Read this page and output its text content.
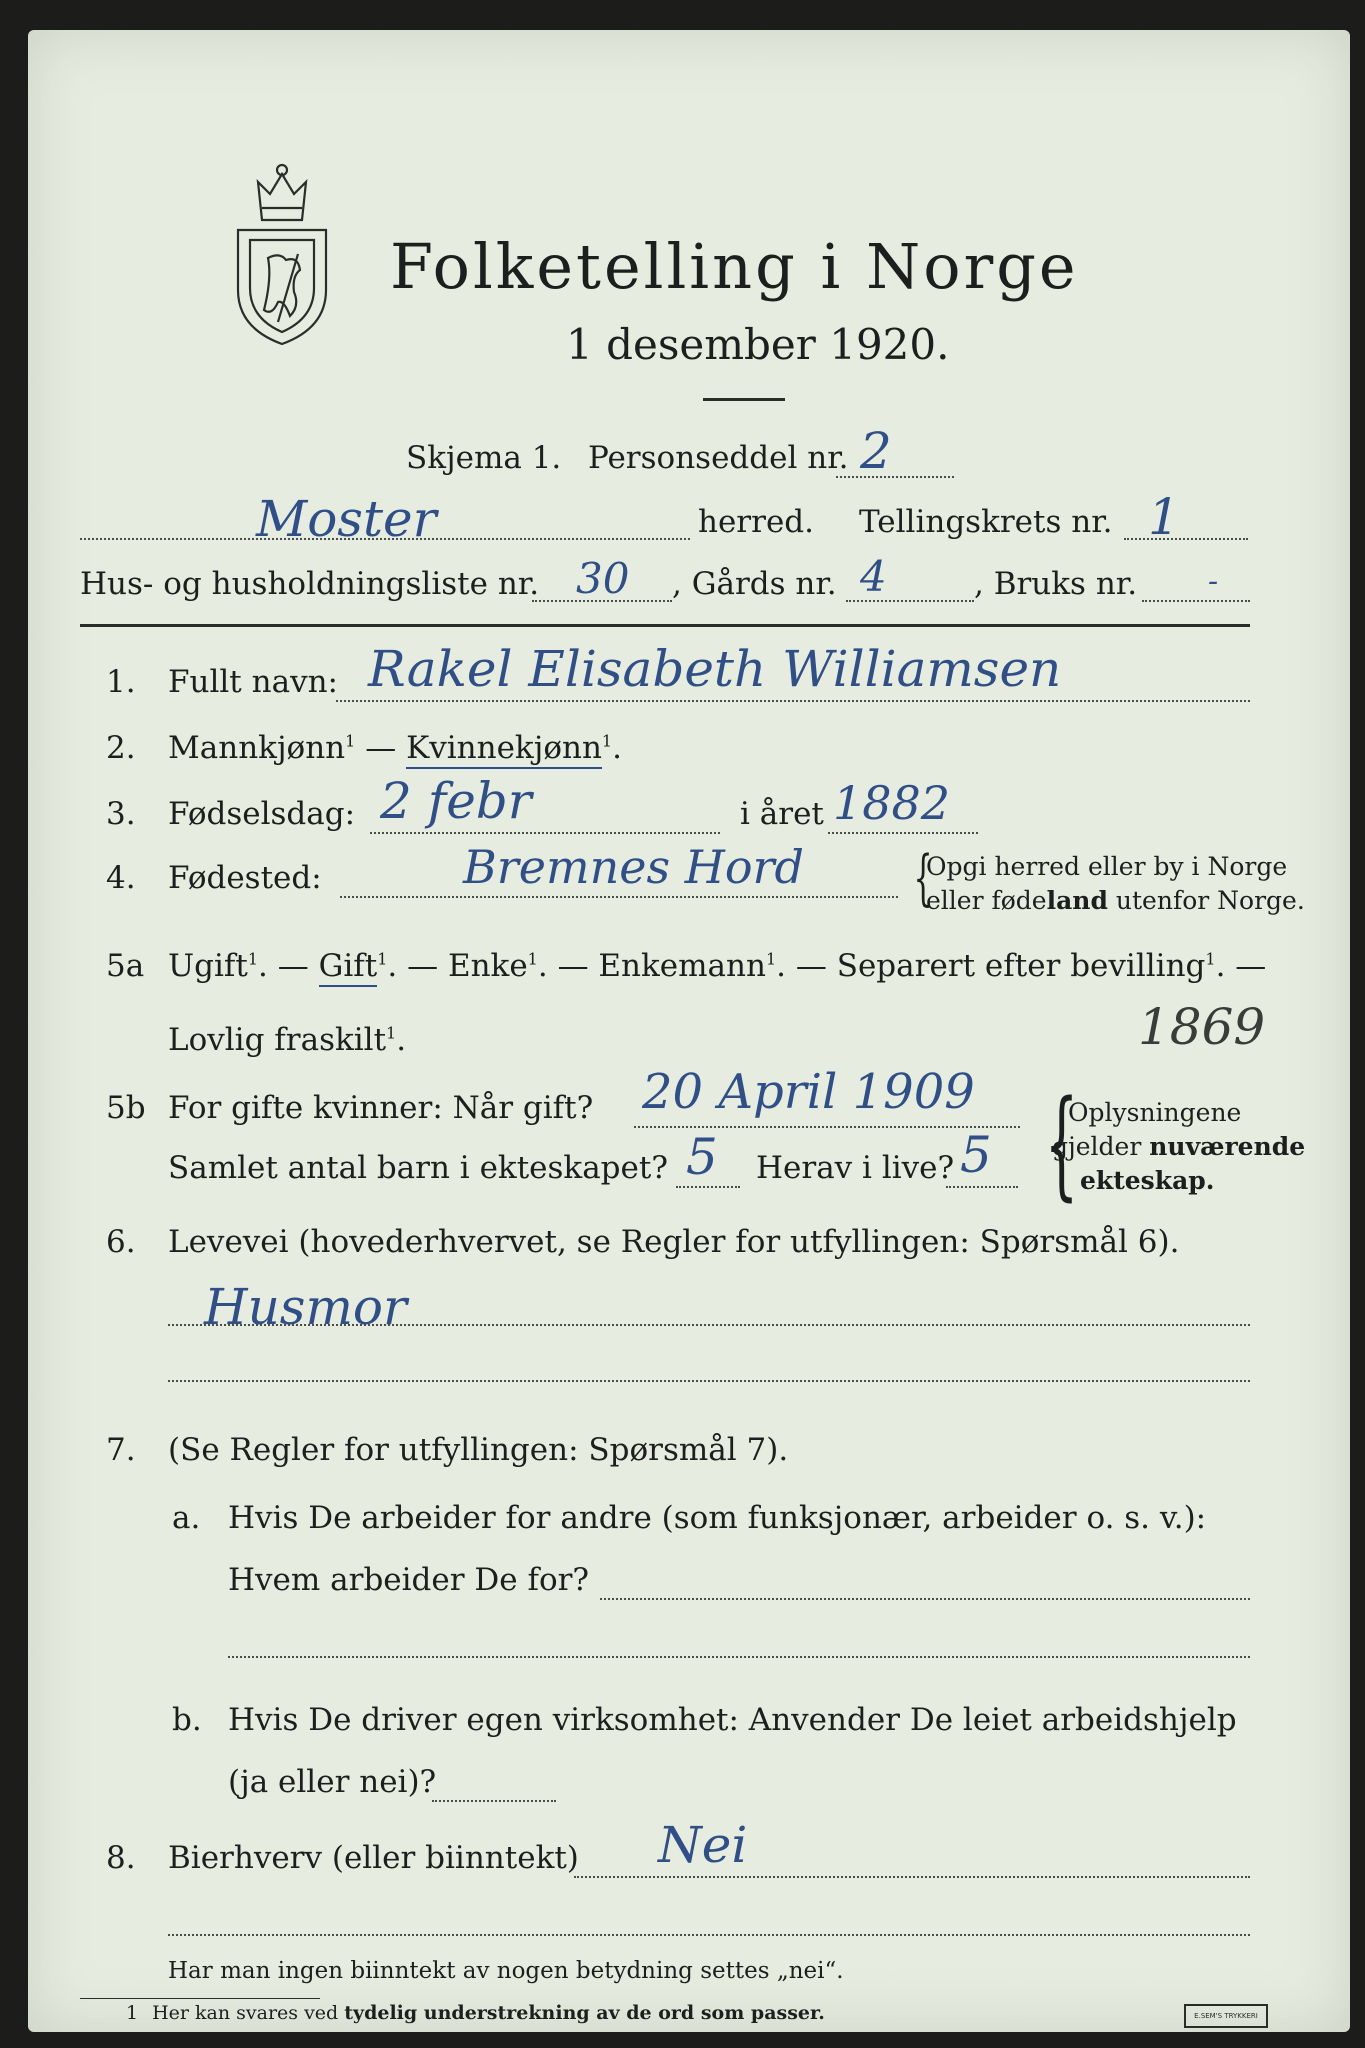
Folketelling i Norge
1 desember 1920.
Skjema 1. Personseddel nr. 2
Moster	herred. Tellingskrets nr. 1
Hus- og husholdningsliste nr. 30 , Gårds nr. 4	, Bruks nr. -
1. Fullt navn: Rakel Elisabeth Williamsen
2. Mannkjønn$^1$ — Kvinnekjønn$^1$.
3. Fødselsdag: 2 febr	i året 1882
4. Fødested:	Bremnes Hord {
Opgi herred eller by i Norge
eller fødeland utenfor Norge.
5a Ugift$^1$. — Gift$^1$. — Enke$^1$. — Enkemann$^1$. — Separert efter bevilling$^1$. —
Lovlig fraskilt$^1$.	1869
5b For gifte kvinner: Når gift? 20 April 1909
Samlet antal barn i ekteskapet? 5 Herav i live? 5 {
Oplysningene
gjelder nuværende
ekteskap.
6. Levevei (hovederhvervet, se Regler for utfyllingen: Spørsmål 6).
Husmor
7. (Se Regler for utfyllingen: Spørsmål 7).
a. Hvis De arbeider for andre (som funksjonær, arbeider o. s. v.):
Hvem arbeider De for?
b. Hvis De driver egen virksomhet: Anvender De leiet arbeidshjelp
(ja eller nei)?
8. Bierhverv (eller biinntekt) Nei
Har man ingen biinntekt av nogen betydning settes „nei“.
1 Her kan svares ved tydelig understrekning av de ord som passer.	E.SEM'S TRYKKERI
